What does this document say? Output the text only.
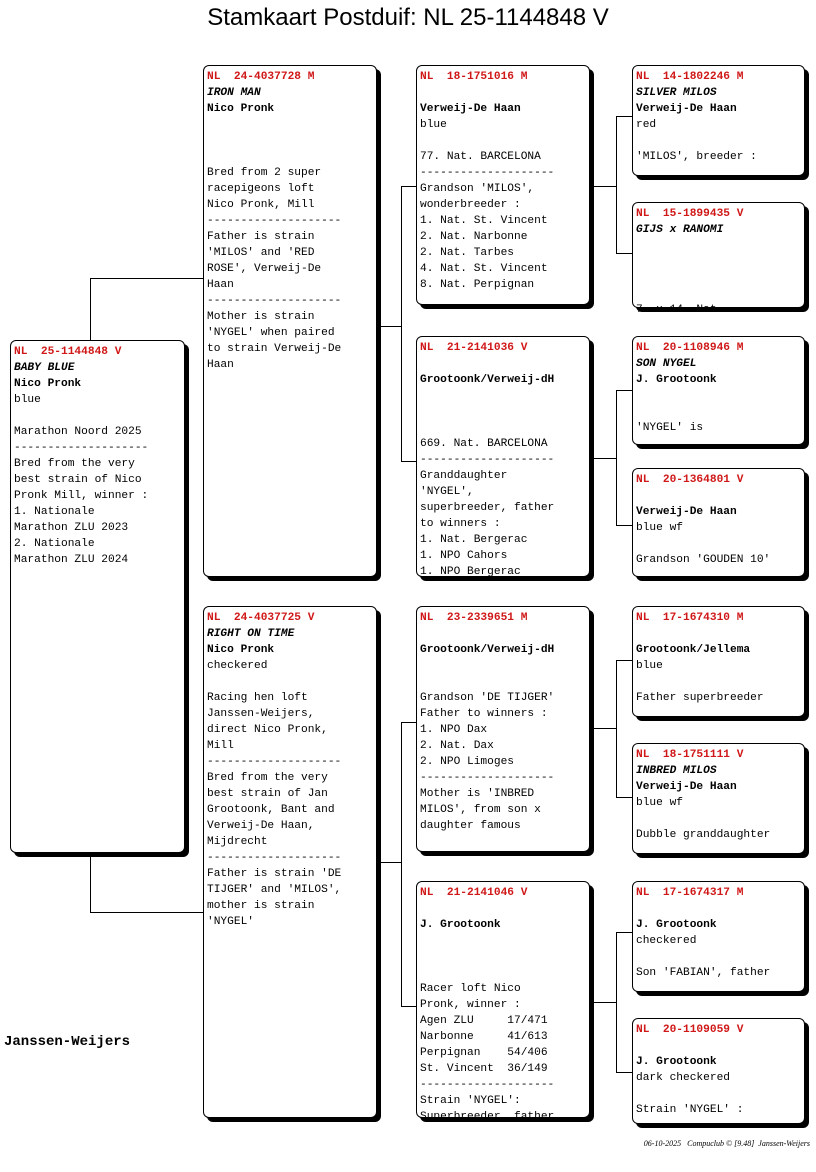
Stamkaart Postduif: NL 25-1144848 V
NL  25-1144848 V
BABY BLUE
Nico Pronk
blue
Marathon Noord 2025
--------------------
Bred from the very
best strain of Nico
Pronk Mill, winner :
1. Nationale
Marathon ZLU 2023
2. Nationale
Marathon ZLU 2024
NL  24-4037728 M
IRON MAN
Nico Pronk
Bred from 2 super
racepigeons loft
Nico Pronk, Mill
--------------------
Father is strain
'MILOS' and 'RED
ROSE', Verweij-De
Haan
--------------------
Mother is strain
'NYGEL' when paired
to strain Verweij-De
Haan
NL  24-4037725 V
RIGHT ON TIME
Nico Pronk
checkered
Racing hen loft
Janssen-Weijers,
direct Nico Pronk,
Mill
--------------------
Bred from the very
best strain of Jan
Grootoonk, Bant and
Verweij-De Haan,
Mijdrecht
--------------------
Father is strain 'DE
TIJGER' and 'MILOS',
mother is strain
'NYGEL'
NL  18-1751016 M
Verweij-De Haan
blue
77. Nat. BARCELONA
--------------------
Grandson 'MILOS',
wonderbreeder :
1. Nat. St. Vincent
2. Nat. Narbonne
2. Nat. Tarbes
4. Nat. St. Vincent
8. Nat. Perpignan
NL  21-2141036 V
Grootoonk/Verweij-dH
669. Nat. BARCELONA
--------------------
Granddaughter
'NYGEL',
superbreeder, father
to winners :
1. Nat. Bergerac
1. NPO Cahors
1. NPO Bergerac
NL  23-2339651 M
Grootoonk/Verweij-dH
Grandson 'DE TIJGER'
Father to winners :
1. NPO Dax
2. Nat. Dax
2. NPO Limoges
--------------------
Mother is 'INBRED
MILOS', from son x
daughter famous
NL  21-2141046 V
J. Grootoonk
Racer loft Nico
Pronk, winner :
Agen ZLU     17/471
Narbonne     41/613
Perpignan    54/406
St. Vincent  36/149
--------------------
Strain 'NYGEL':
Superbreeder, father
NL  14-1802246 M
SILVER MILOS
Verweij-De Haan
red
'MILOS', breeder :
NL  15-1899435 V
GIJS x RANOMI
7. x 14. Nat.
NL  20-1108946 M
SON NYGEL
J. Grootoonk
'NYGEL' is
NL  20-1364801 V
Verweij-De Haan
blue wf
Grandson 'GOUDEN 10'
NL  17-1674310 M
Grootoonk/Jellema
blue
Father superbreeder
NL  18-1751111 V
INBRED MILOS
Verweij-De Haan
blue wf
Dubble granddaughter
NL  17-1674317 M
J. Grootoonk
checkered
Son 'FABIAN', father
NL  20-1109059 V
J. Grootoonk
dark checkered
Strain 'NYGEL' :
Janssen-Weijers
06-10-2025   Compuclub © [9.48]  Janssen-Weijers
